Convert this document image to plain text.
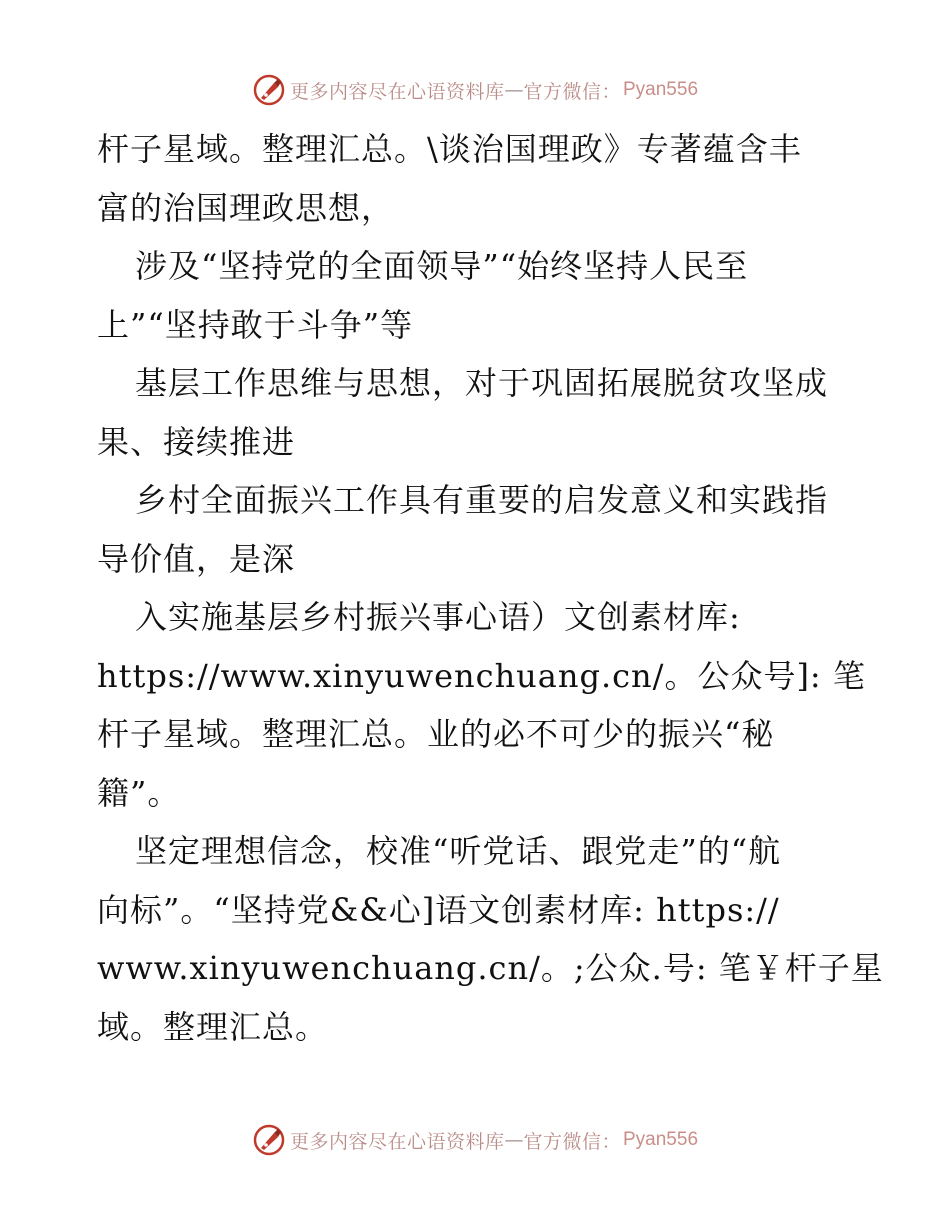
更多内容尽在心语资料库 — 官方微信： Pyan556
杆子星域。整理汇总。\谈治国理政》专著蕴含丰
富的治国理政思想，
涉及“坚持党的全面领导”“始终坚持人民至
上”“坚持敢于斗争”等
基层工作思维与思想，对于巩固拓展脱贫攻坚成
果、接续推进
乡村全面振兴工作具有重要的启发意义和实践指
导价值，是深
入实施基层乡村振兴事心语）文创素材库:
https://www.xinyuwenchuang.cn/。公众号]: 笔
杆子星域。整理汇总。业的必不可少的振兴“秘
籍”。
坚定理想信念，校准“听党话、跟党走”的“航
向标”。“坚持党&&心]语文创素材库: https://
www.xinyuwenchuang.cn/。;公众.号: 笔￥杆子星
域。整理汇总。
更多内容尽在心语资料库 — 官方微信： Pyan556
